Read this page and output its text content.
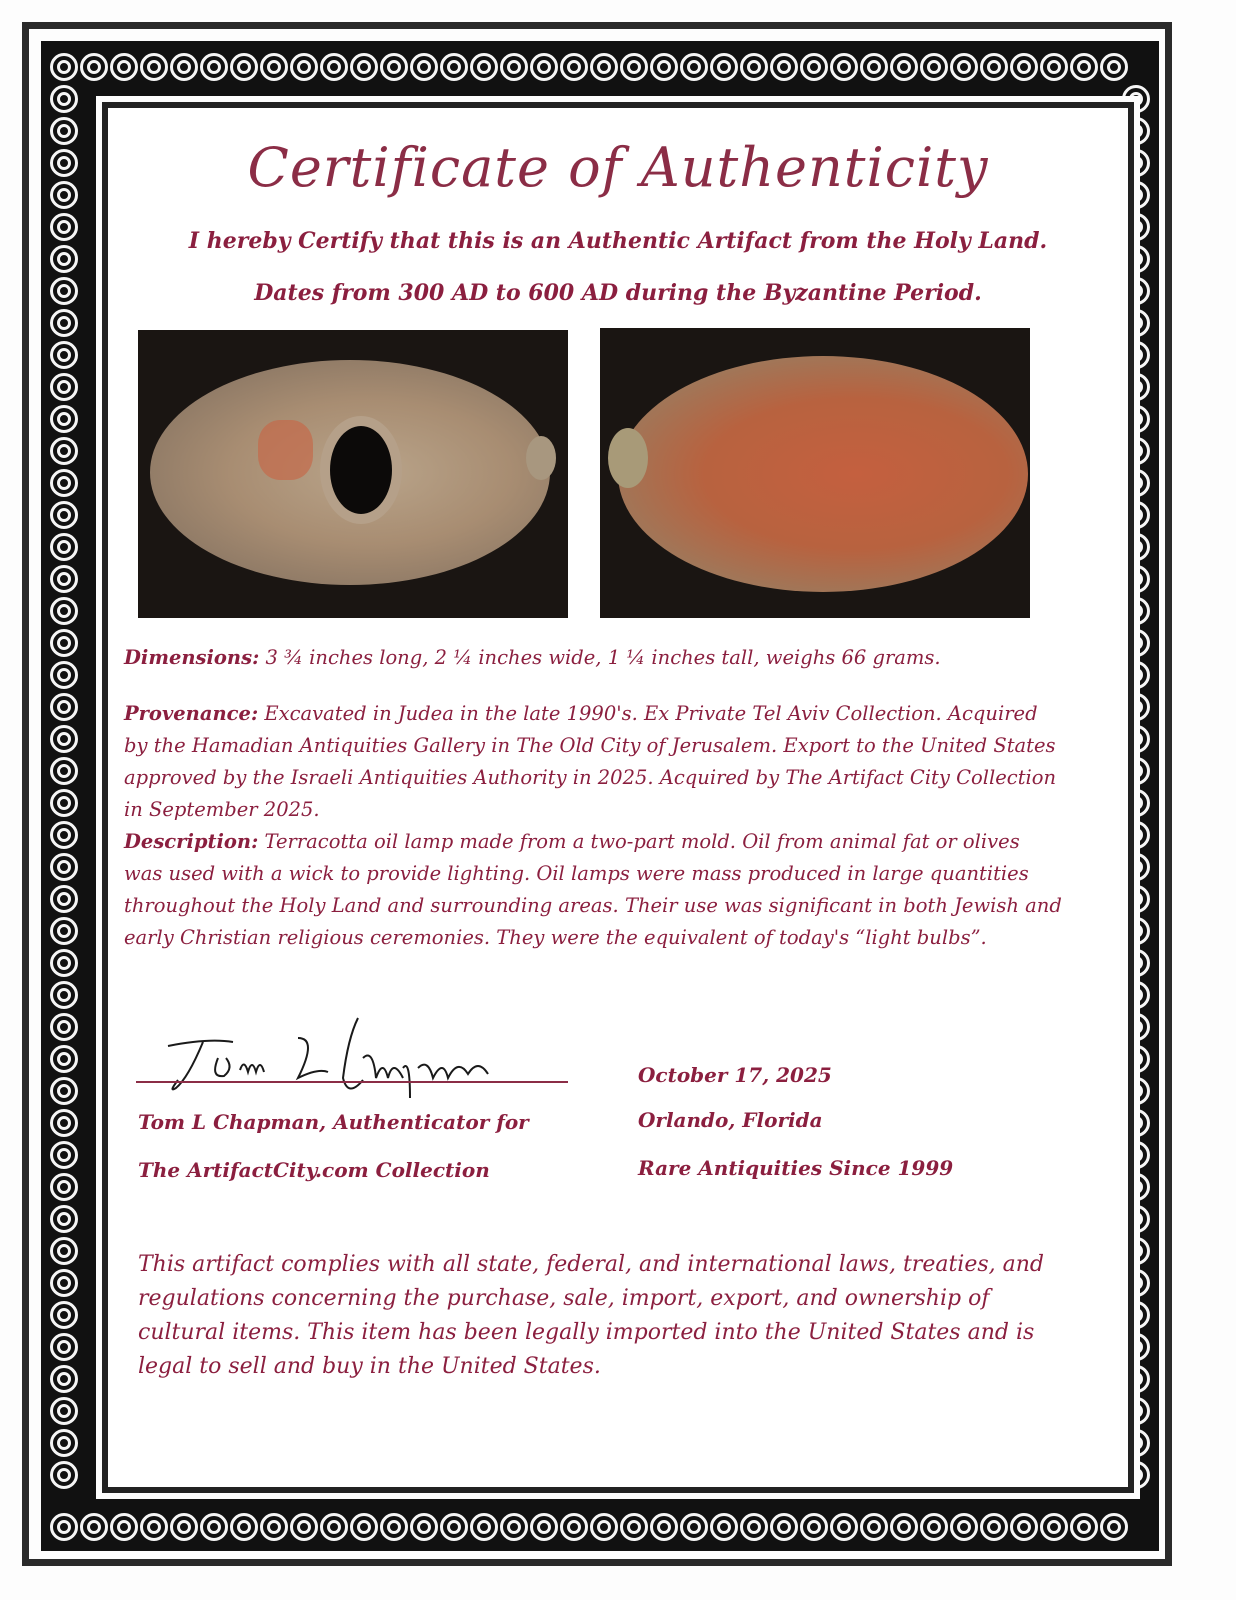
Certificate of Authenticity
I hereby Certify that this is an Authentic Artifact from the Holy Land.
Dates from 300 AD to 600 AD during the Byzantine Period.
Dimensions: 3 ¾ inches long, 2 ¼ inches wide, 1 ¼ inches tall, weighs 66 grams.
Provenance: Excavated in Judea in the late 1990's. Ex Private Tel Aviv Collection. Acquired by the Hamadian Antiquities Gallery in The Old City of Jerusalem. Export to the United States approved by the Israeli Antiquities Authority in 2025. Acquired by The Artifact City Collection in September 2025.
Description: Terracotta oil lamp made from a two-part mold. Oil from animal fat or olives was used with a wick to provide lighting. Oil lamps were mass produced in large quantities throughout the Holy Land and surrounding areas. Their use was significant in both Jewish and early Christian religious ceremonies. They were the equivalent of today's “light bulbs”.
Tom L Chapman, Authenticator for
The ArtifactCity.com Collection
October 17, 2025
Orlando, Florida
Rare Antiquities Since 1999
This artifact complies with all state, federal, and international laws, treaties, and regulations concerning the purchase, sale, import, export, and ownership of cultural items. This item has been legally imported into the United States and is legal to sell and buy in the United States.
